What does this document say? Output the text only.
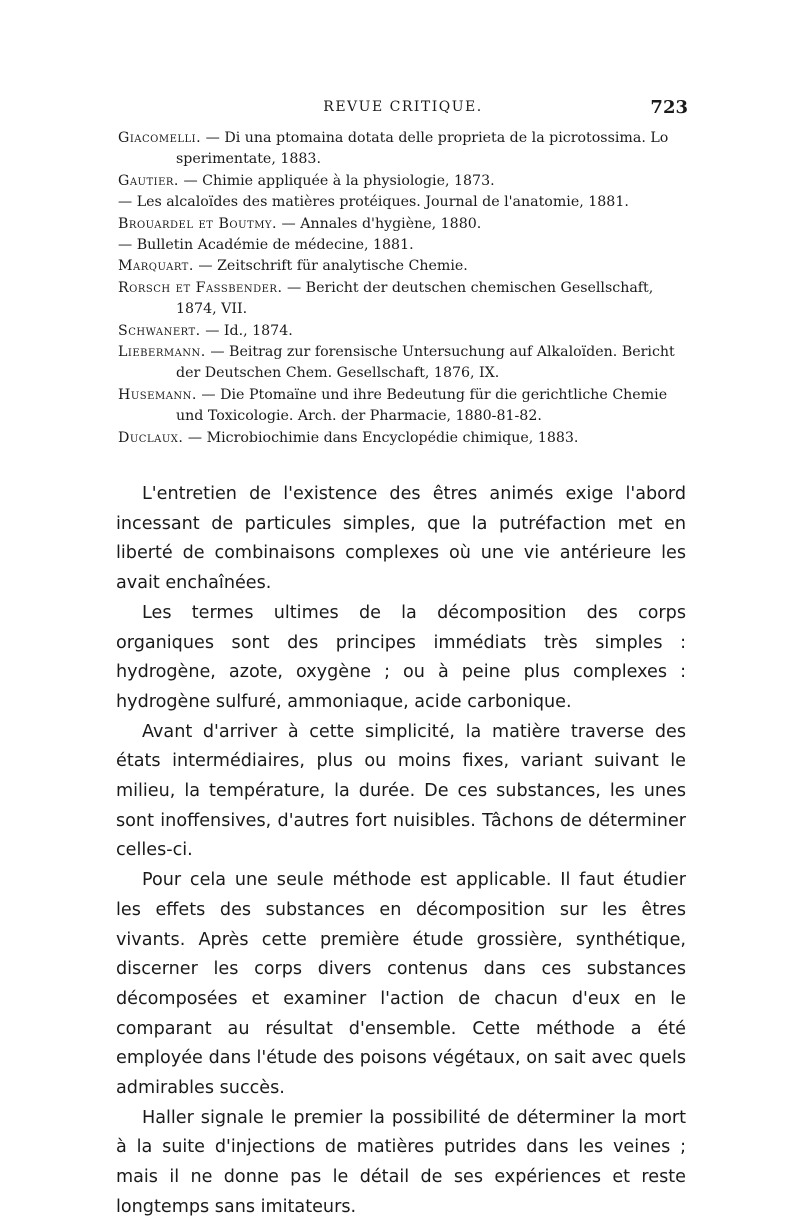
REVUE CRITIQUE.	723

Giacomelli. — Di una ptomaina dotata delle proprieta de la picrotossima. Lo sperimentate, 1883.

Gautier. — Chimie appliquée à la physiologie, 1873.

— Les alcaloïdes des matières protéiques. Journal de l'anatomie, 1881.

Brouardel et Boutmy. — Annales d'hygiène, 1880.

— Bulletin Académie de médecine, 1881.

Marquart. — Zeitschrift für analytische Chemie.

Rorsch et Fassbender. — Bericht der deutschen chemischen Gesellschaft, 1874, VII.

Schwanert. — Id., 1874.

Liebermann. — Beitrag zur forensische Untersuchung auf Alkaloïden. Bericht der Deutschen Chem. Gesellschaft, 1876, IX.

Husemann. — Die Ptomaïne und ihre Bedeutung für die gerichtliche Chemie und Toxicologie. Arch. der Pharmacie, 1880-81-82.

Duclaux. — Microbiochimie dans Encyclopédie chimique, 1883.

L'entretien de l'existence des êtres animés exige l'abord incessant de particules simples, que la putréfaction met en liberté de combinaisons complexes où une vie antérieure les avait enchaînées.

Les termes ultimes de la décomposition des corps organiques sont des principes immédiats très simples : hydrogène, azote, oxygène ; ou à peine plus complexes : hydrogène sulfuré, ammoniaque, acide carbonique.

Avant d'arriver à cette simplicité, la matière traverse des états intermédiaires, plus ou moins fixes, variant suivant le milieu, la température, la durée. De ces substances, les unes sont inoffensives, d'autres fort nuisibles. Tâchons de déterminer celles-ci.

Pour cela une seule méthode est applicable. Il faut étudier les effets des substances en décomposition sur les êtres vivants. Après cette première étude grossière, synthétique, discerner les corps divers contenus dans ces substances décomposées et examiner l'action de chacun d'eux en le comparant au résultat d'ensemble. Cette méthode a été employée dans l'étude des poisons végétaux, on sait avec quels admirables succès.

Haller signale le premier la possibilité de déterminer la mort à la suite d'injections de matières putrides dans les veines ; mais il ne donne pas le détail de ses expériences et reste longtemps sans imitateurs.
